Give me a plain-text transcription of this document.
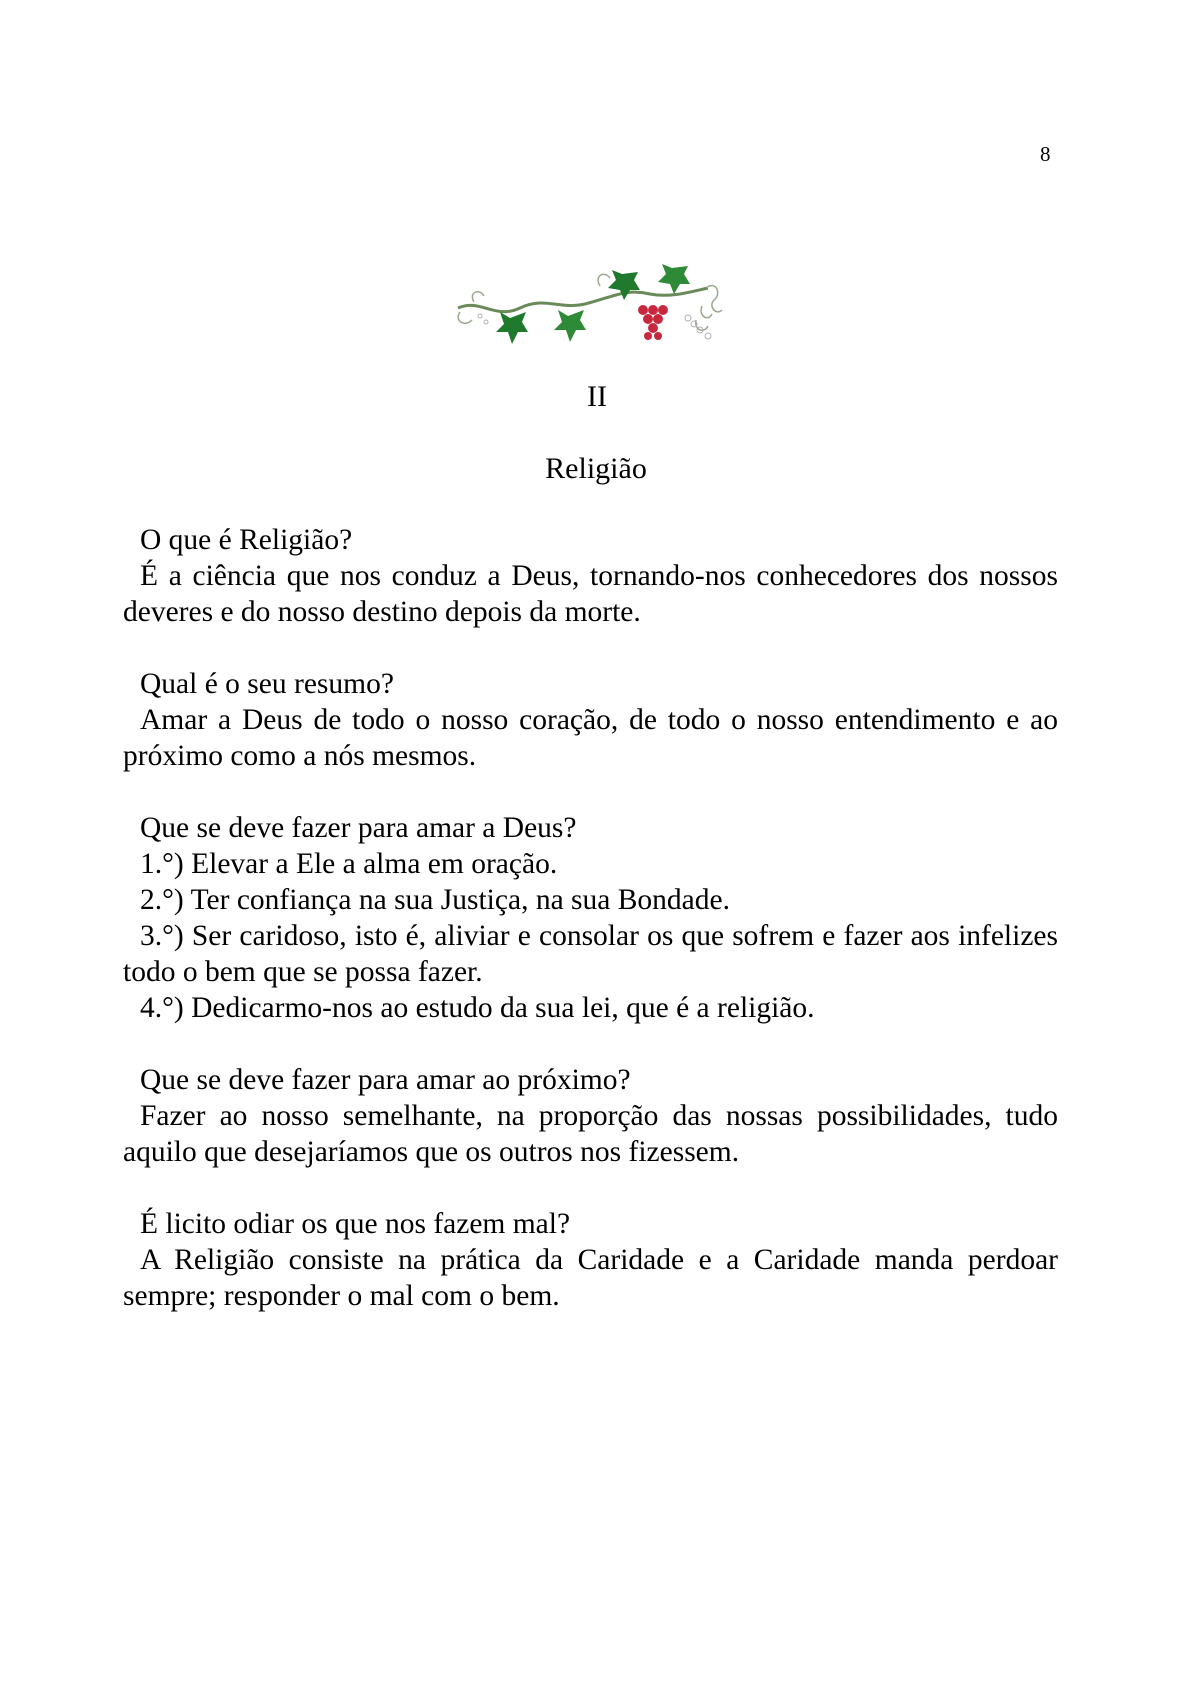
8
II
Religião

O que é Religião?

É a ciência que nos conduz a Deus, tornando-nos conhecedores dos nossos deveres e do nosso destino depois da morte.

Qual é o seu resumo?

Amar a Deus de todo o nosso coração, de todo o nosso entendimento e ao próximo como a nós mesmos.

Que se deve fazer para amar a Deus?

1.°) Elevar a Ele a alma em oração.

2.°) Ter confiança na sua Justiça, na sua Bondade.

3.°) Ser caridoso, isto é, aliviar e consolar os que sofrem e fazer aos infelizes todo o bem que se possa fazer.

4.°) Dedicarmo-nos ao estudo da sua lei, que é a religião.

Que se deve fazer para amar ao próximo?

Fazer ao nosso semelhante, na proporção das nossas possibilidades, tudo aquilo que desejaríamos que os outros nos fizessem.

É licito odiar os que nos fazem mal?

A Religião consiste na prática da Caridade e a Caridade manda perdoar sempre; responder o mal com o bem.
